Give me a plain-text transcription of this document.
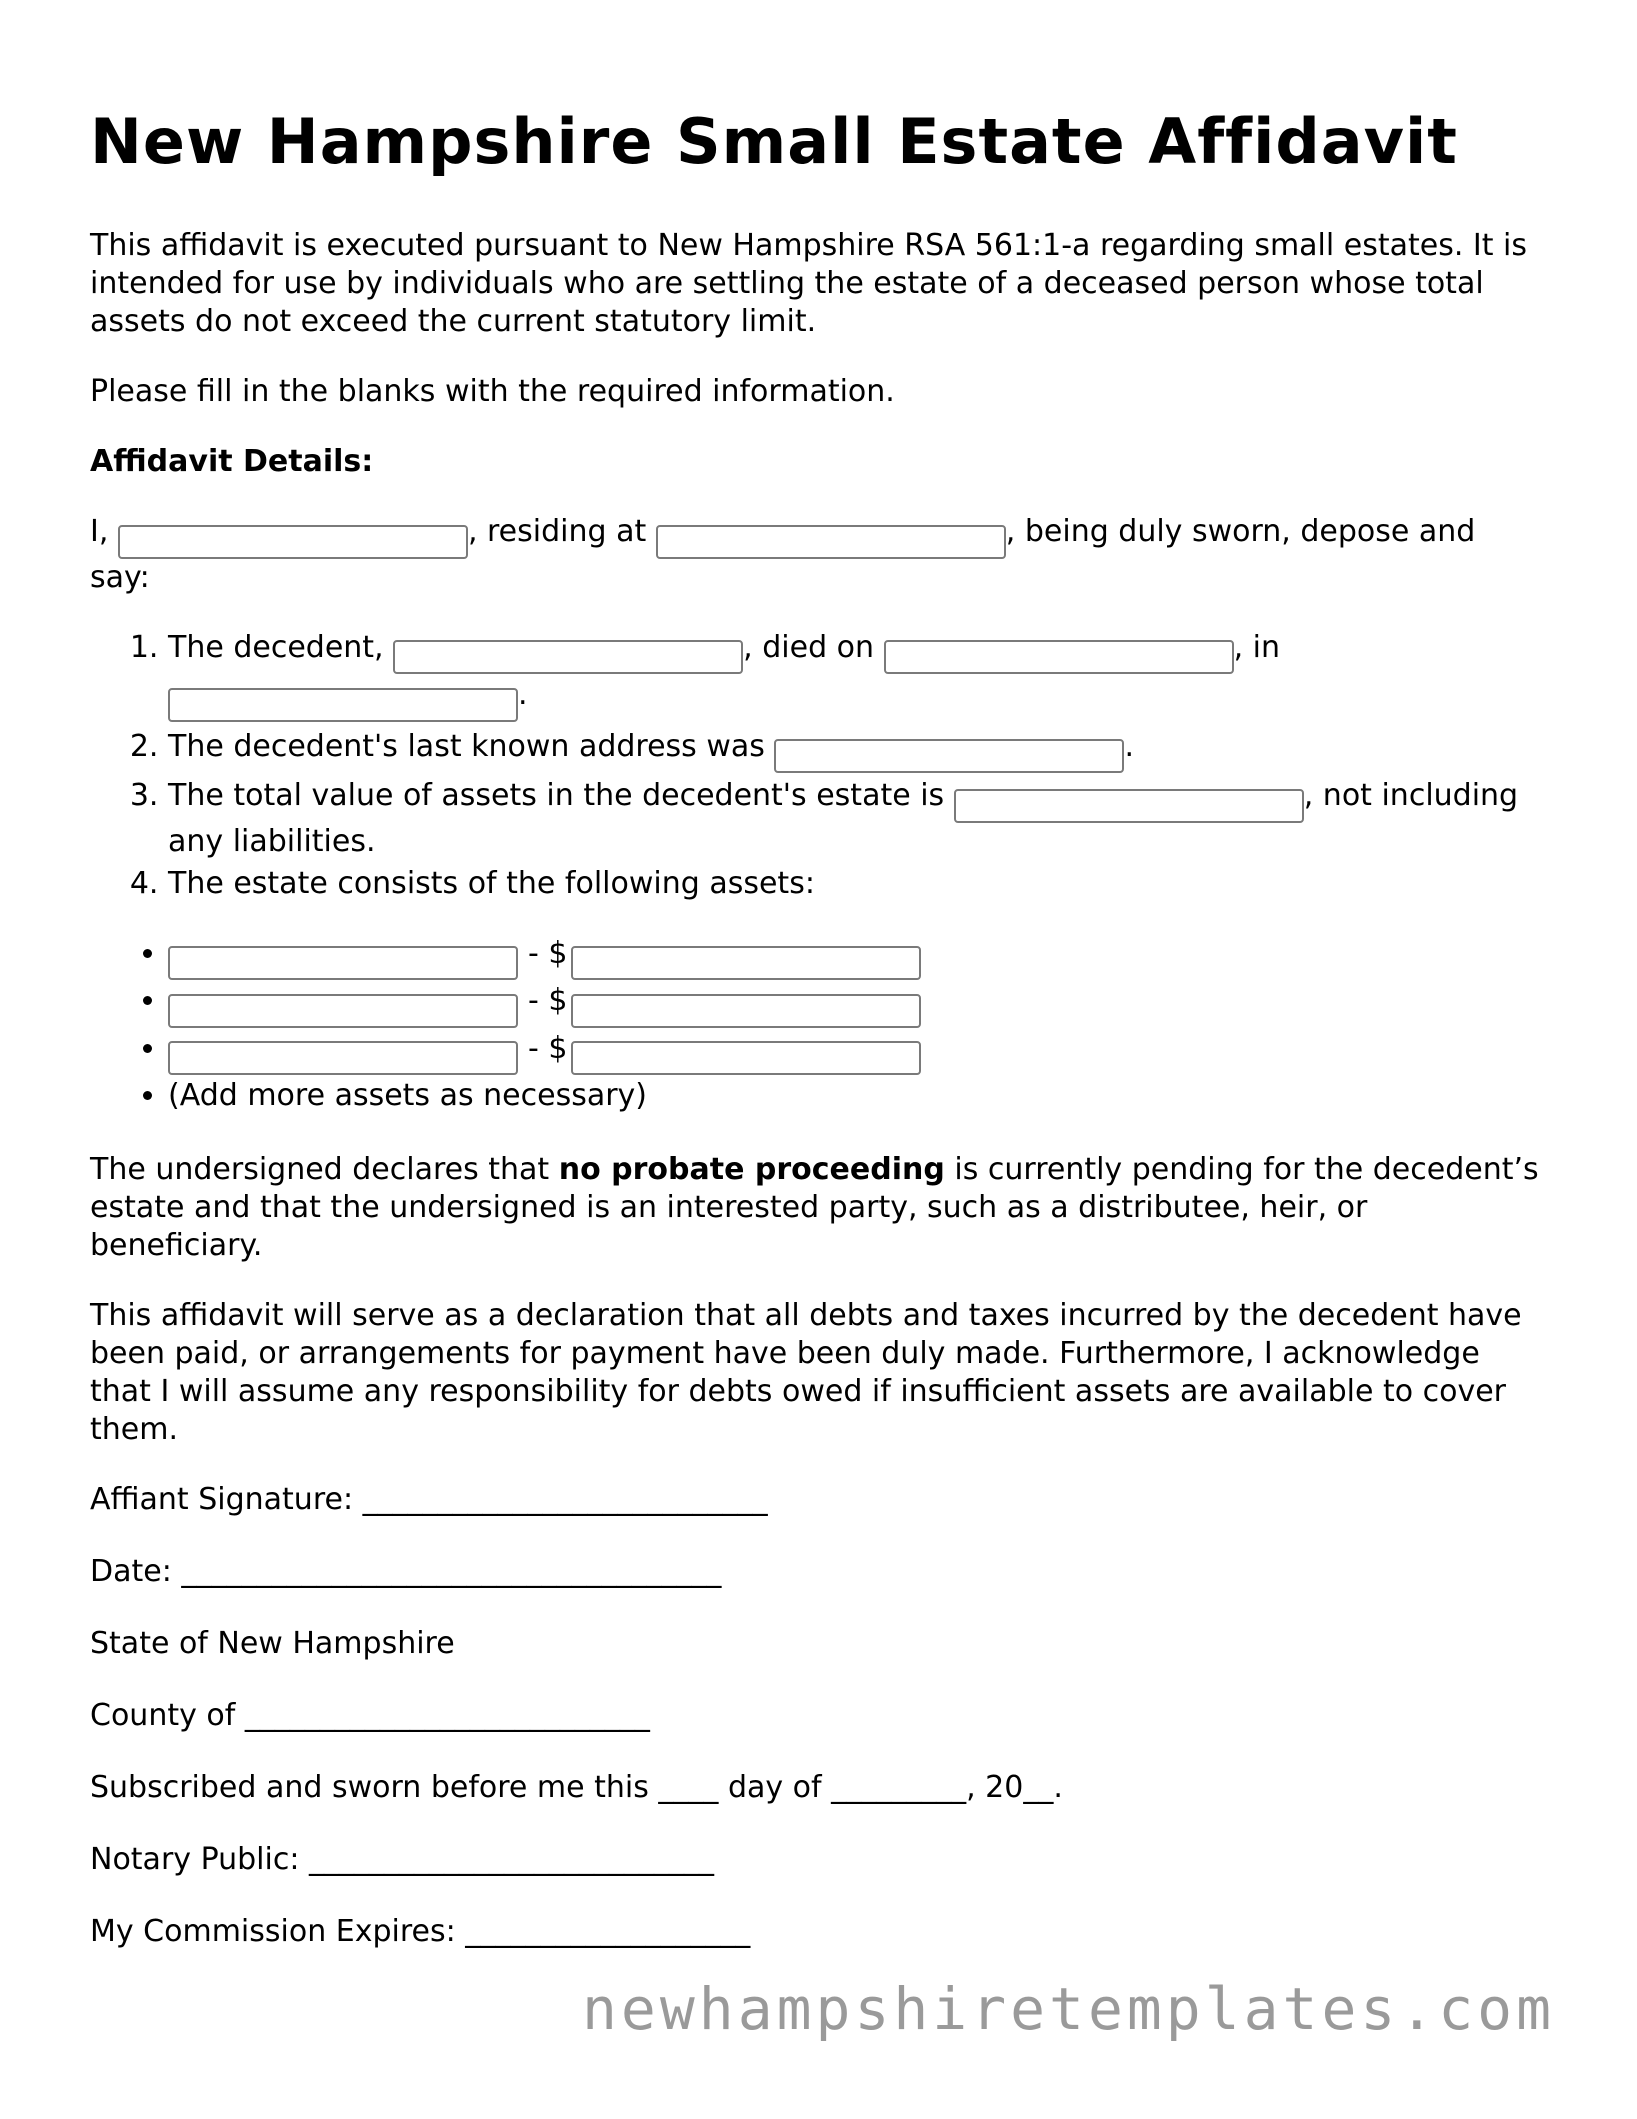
New Hampshire Small Estate Affidavit

This affidavit is executed pursuant to New Hampshire RSA 561:1-a regarding small estates. It is intended for use by individuals who are settling the estate of a deceased person whose total assets do not exceed the current statutory limit.

Please fill in the blanks with the required information.

Affidavit Details:

I,	, residing at	, being duly sworn, depose and say:

1. The decedent,	, died on	, in
.
2. The decedent's last known address was	.
3. The total value of assets in the decedent's estate is	, not including any liabilities.
4. The estate consists of the following assets:
• - $
• - $
• - $
• (Add more assets as necessary)

The undersigned declares that no probate proceeding is currently pending for the decedent’s estate and that the undersigned is an interested party, such as a distributee, heir, or beneficiary.

This affidavit will serve as a declaration that all debts and taxes incurred by the decedent have been paid, or arrangements for payment have been duly made. Furthermore, I acknowledge that I will assume any responsibility for debts owed if insufficient assets are available to cover them.

Affiant Signature: ___________________________

Date: ____________________________________

State of New Hampshire

County of ___________________________

Subscribed and sworn before me this ____ day of _________, 20__.

Notary Public: ___________________________

My Commission Expires: ___________________

newhampshiretemplates.com
